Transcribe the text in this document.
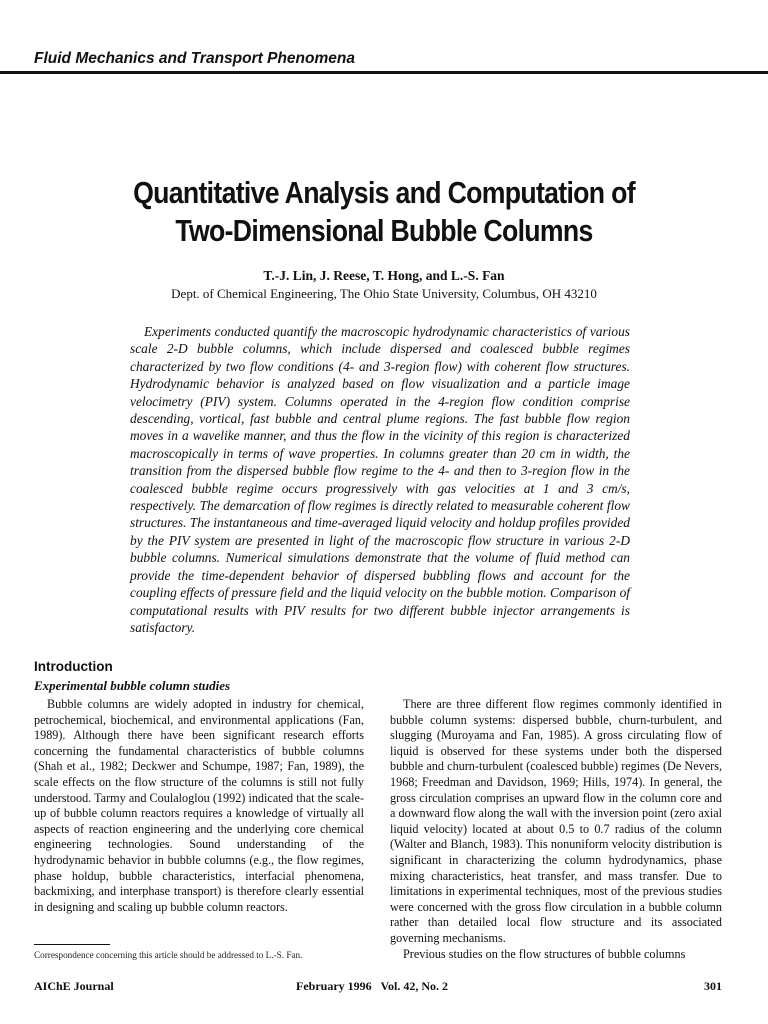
Fluid Mechanics and Transport Phenomena
Quantitative Analysis and Computation of
Two-Dimensional Bubble Columns
T.-J. Lin, J. Reese, T. Hong, and L.-S. Fan
Dept. of Chemical Engineering, The Ohio State University, Columbus, OH 43210
Experiments conducted quantify the macroscopic hydrodynamic characteristics of various scale 2-D bubble columns, which include dispersed and coalesced bubble regimes characterized by two flow conditions (4- and 3-region flow) with coherent flow structures. Hydrodynamic behavior is analyzed based on flow visualization and a particle image velocimetry (PIV) system. Columns operated in the 4-region flow condition comprise descending, vortical, fast bubble and central plume regions. The fast bubble flow region moves in a wavelike manner, and thus the flow in the vicinity of this region is characterized macroscopically in terms of wave properties. In columns greater than 20 cm in width, the transition from the dispersed bubble flow regime to the 4- and then to 3-region flow in the coalesced bubble regime occurs progressively with gas velocities at 1 and 3 cm/s, respectively. The demarcation of flow regimes is directly related to measurable coherent flow structures. The instantaneous and time-averaged liquid velocity and holdup profiles provided by the PIV system are presented in light of the macroscopic flow structure in various 2-D bubble columns. Numerical simulations demonstrate that the volume of fluid method can provide the time-dependent behavior of dispersed bubbling flows and account for the coupling effects of pressure field and the liquid velocity on the bubble motion. Comparison of computational results with PIV results for two different bubble injector arrangements is satisfactory.
Introduction
Experimental bubble column studies

Bubble columns are widely adopted in industry for chemical, petrochemical, biochemical, and environmental applications (Fan, 1989). Although there have been significant research efforts concerning the fundamental characteristics of bubble columns (Shah et al., 1982; Deckwer and Schumpe, 1987; Fan, 1989), the scale effects on the flow structure of the columns is still not fully understood. Tarmy and Coulaloglou (1992) indicated that the scale-up of bubble column reactors requires a knowledge of virtually all aspects of reaction engineering and the underlying core chemical engineering technologies. Sound understanding of the hydrodynamic behavior in bubble columns (e.g., the flow regimes, phase holdup, bubble characteristics, interfacial phenomena, backmixing, and interphase transport) is therefore clearly essential in designing and scaling up bubble column reactors.

There are three different flow regimes commonly identified in bubble column systems: dispersed bubble, churn-turbulent, and slugging (Muroyama and Fan, 1985). A gross circulating flow of liquid is observed for these systems under both the dispersed bubble and churn-turbulent (coalesced bubble) regimes (De Nevers, 1968; Freedman and Davidson, 1969; Hills, 1974). In general, the gross circulation comprises an upward flow in the column core and a downward flow along the wall with the inversion point (zero axial liquid velocity) located at about 0.5 to 0.7 radius of the column (Walter and Blanch, 1983). This nonuniform velocity distribution is significant in characterizing the column hydrodynamics, phase mixing characteristics, heat transfer, and mass transfer. Due to limitations in experimental techniques, most of the previous studies were concerned with the gross flow circulation in a bubble column rather than detailed local flow structure and its associated governing mechanisms.

Previous studies on the flow structures of bubble columns

Correspondence concerning this article should be addressed to L.-S. Fan.
AIChE Journal	February 1996   Vol. 42, No. 2	301
